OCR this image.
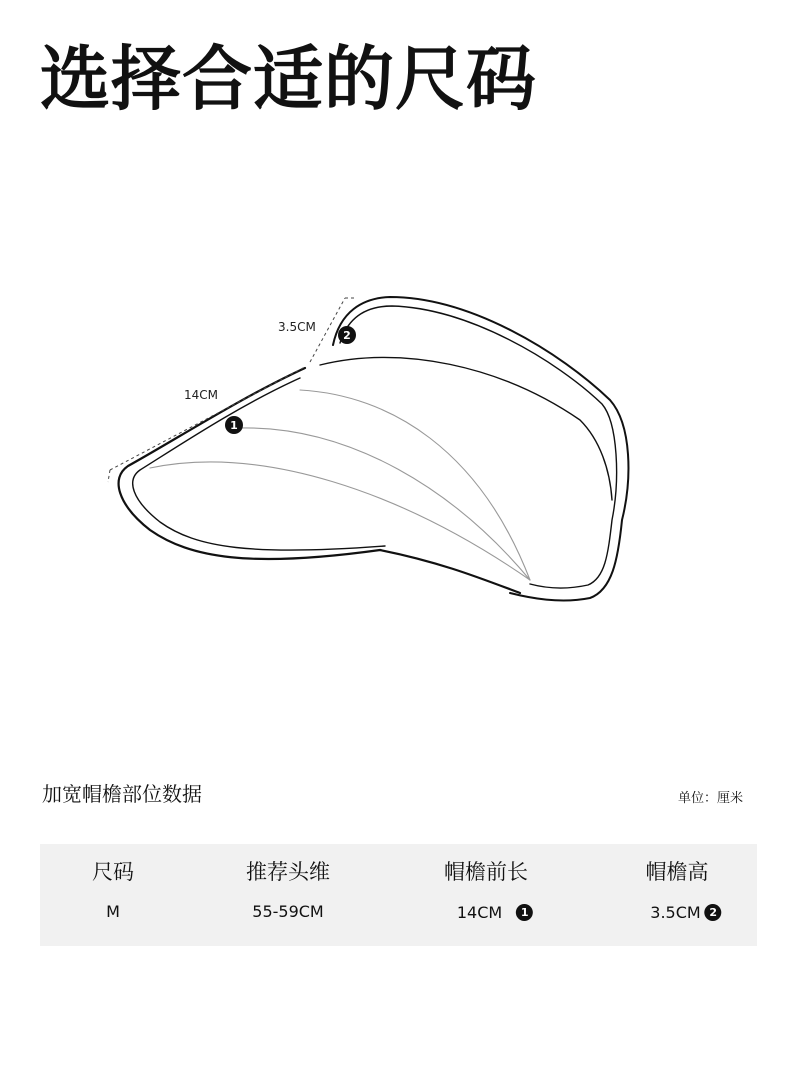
选择合适的尺码
14CM
3.5CM
1
2
加宽帽檐部位数据	单位：厘米
尺码	推荐头维	帽檐前长	帽檐高
M	55-59CM	14CM	1	3.5CM 2
